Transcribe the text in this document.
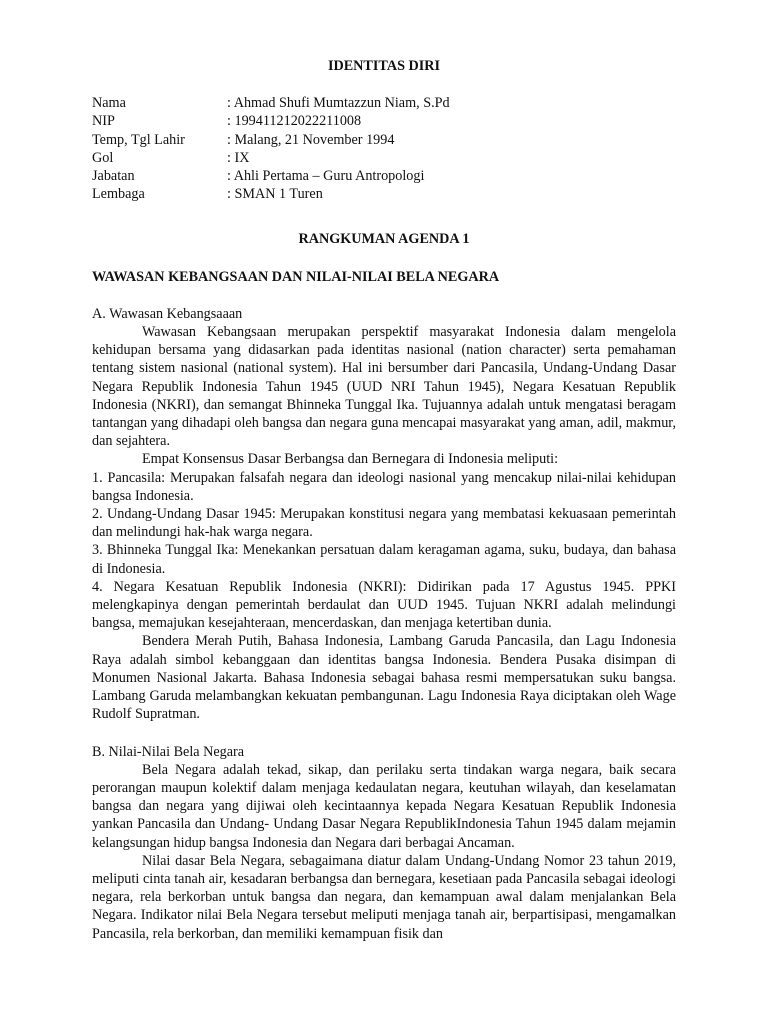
IDENTITAS DIRI
Nama	: Ahmad Shufi Mumtazzun Niam, S.Pd
NIP	: 199411212022211008
Temp, Tgl Lahir	: Malang, 21 November 1994
Gol	: IX
Jabatan	: Ahli Pertama – Guru Antropologi
Lembaga	: SMAN 1 Turen
RANGKUMAN AGENDA 1
WAWASAN KEBANGSAAN DAN NILAI-NILAI BELA NEGARA
A. Wawasan Kebangsaaan

Wawasan Kebangsaan merupakan perspektif masyarakat Indonesia dalam mengelola kehidupan bersama yang didasarkan pada identitas nasional (nation character) serta pemahaman tentang sistem nasional (national system). Hal ini bersumber dari Pancasila, Undang-Undang Dasar Negara Republik Indonesia Tahun 1945 (UUD NRI Tahun 1945), Negara Kesatuan Republik Indonesia (NKRI), dan semangat Bhinneka Tunggal Ika. Tujuannya adalah untuk mengatasi beragam tantangan yang dihadapi oleh bangsa dan negara guna mencapai masyarakat yang aman, adil, makmur, dan sejahtera.

Empat Konsensus Dasar Berbangsa dan Bernegara di Indonesia meliputi:

1. Pancasila: Merupakan falsafah negara dan ideologi nasional yang mencakup nilai-nilai kehidupan bangsa Indonesia.

2. Undang-Undang Dasar 1945: Merupakan konstitusi negara yang membatasi kekuasaan pemerintah dan melindungi hak-hak warga negara.

3. Bhinneka Tunggal Ika: Menekankan persatuan dalam keragaman agama, suku, budaya, dan bahasa di Indonesia.

4. Negara Kesatuan Republik Indonesia (NKRI): Didirikan pada 17 Agustus 1945. PPKI melengkapinya dengan pemerintah berdaulat dan UUD 1945. Tujuan NKRI adalah melindungi bangsa, memajukan kesejahteraan, mencerdaskan, dan menjaga ketertiban dunia.

Bendera Merah Putih, Bahasa Indonesia, Lambang Garuda Pancasila, dan Lagu Indonesia Raya adalah simbol kebanggaan dan identitas bangsa Indonesia. Bendera Pusaka disimpan di Monumen Nasional Jakarta. Bahasa Indonesia sebagai bahasa resmi mempersatukan suku bangsa. Lambang Garuda melambangkan kekuatan pembangunan. Lagu Indonesia Raya diciptakan oleh Wage Rudolf Supratman.

B. Nilai-Nilai Bela Negara

Bela Negara adalah tekad, sikap, dan perilaku serta tindakan warga negara, baik secara perorangan maupun kolektif dalam menjaga kedaulatan negara, keutuhan wilayah, dan keselamatan bangsa dan negara yang dijiwai oleh kecintaannya kepada Negara Kesatuan Republik Indonesia yankan Pancasila dan Undang- Undang Dasar Negara RepublikIndonesia Tahun 1945 dalam mejamin kelangsungan hidup bangsa Indonesia dan Negara dari berbagai Ancaman.

Nilai dasar Bela Negara, sebagaimana diatur dalam Undang-Undang Nomor 23 tahun 2019, meliputi cinta tanah air, kesadaran berbangsa dan bernegara, kesetiaan pada Pancasila sebagai ideologi negara, rela berkorban untuk bangsa dan negara, dan kemampuan awal dalam menjalankan Bela Negara. Indikator nilai Bela Negara tersebut meliputi menjaga tanah air, berpartisipasi, mengamalkan Pancasila, rela berkorban, dan memiliki kemampuan fisik dan
